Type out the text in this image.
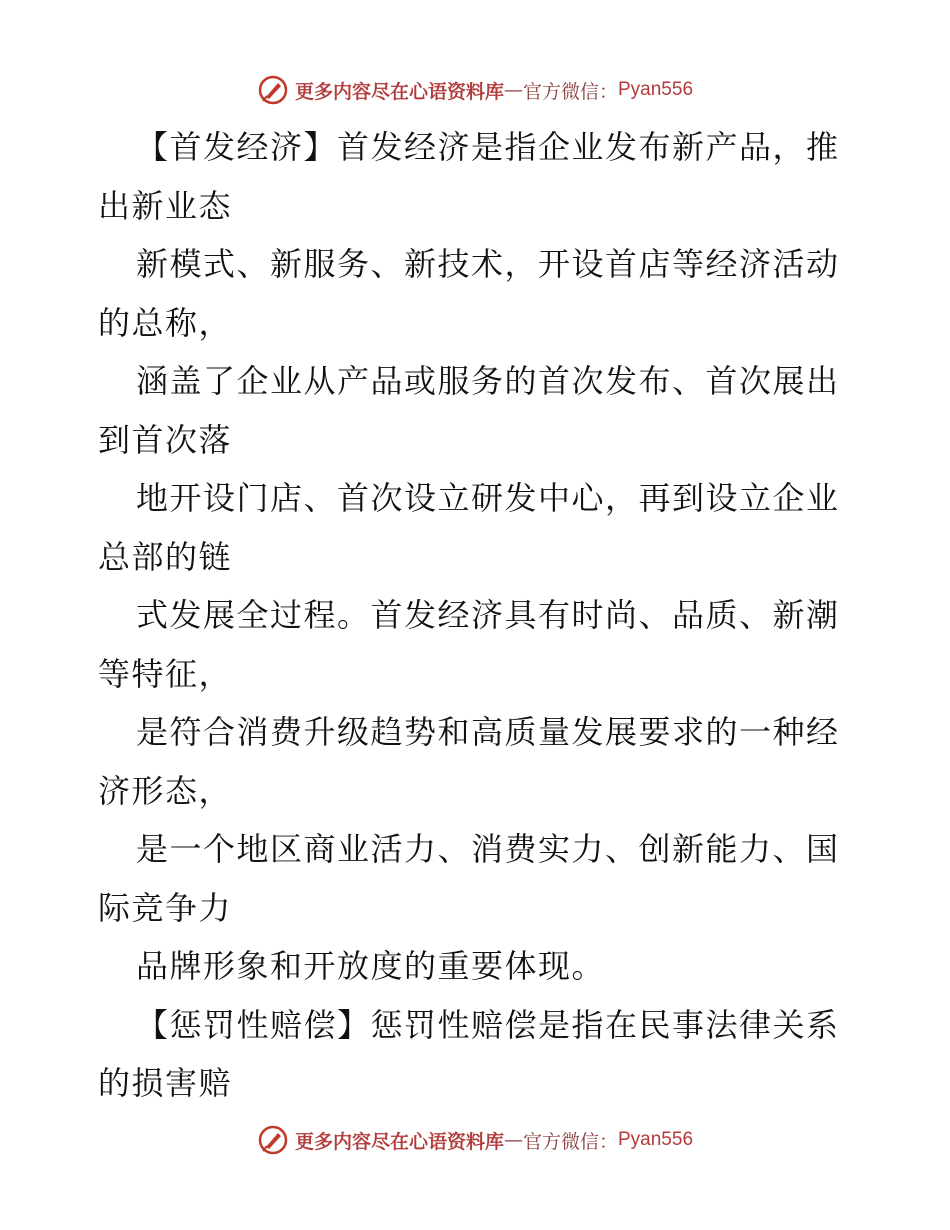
更多内容尽在心语资料库 — 官方微信： Pyan556
【首发经济】首发经济是指企业发布新产品，推
出新业态
新模式、新服务、新技术，开设首店等经济活动
的总称，
涵盖了企业从产品或服务的首次发布、首次展出
到首次落
地开设门店、首次设立研发中心，再到设立企业
总部的链
式发展全过程。首发经济具有时尚、品质、新潮
等特征，
是符合消费升级趋势和高质量发展要求的一种经
济形态，
是一个地区商业活力、消费实力、创新能力、国
际竞争力
品牌形象和开放度的重要体现。
【惩罚性赔偿】惩罚性赔偿是指在民事法律关系
的损害赔
更多内容尽在心语资料库 — 官方微信： Pyan556
